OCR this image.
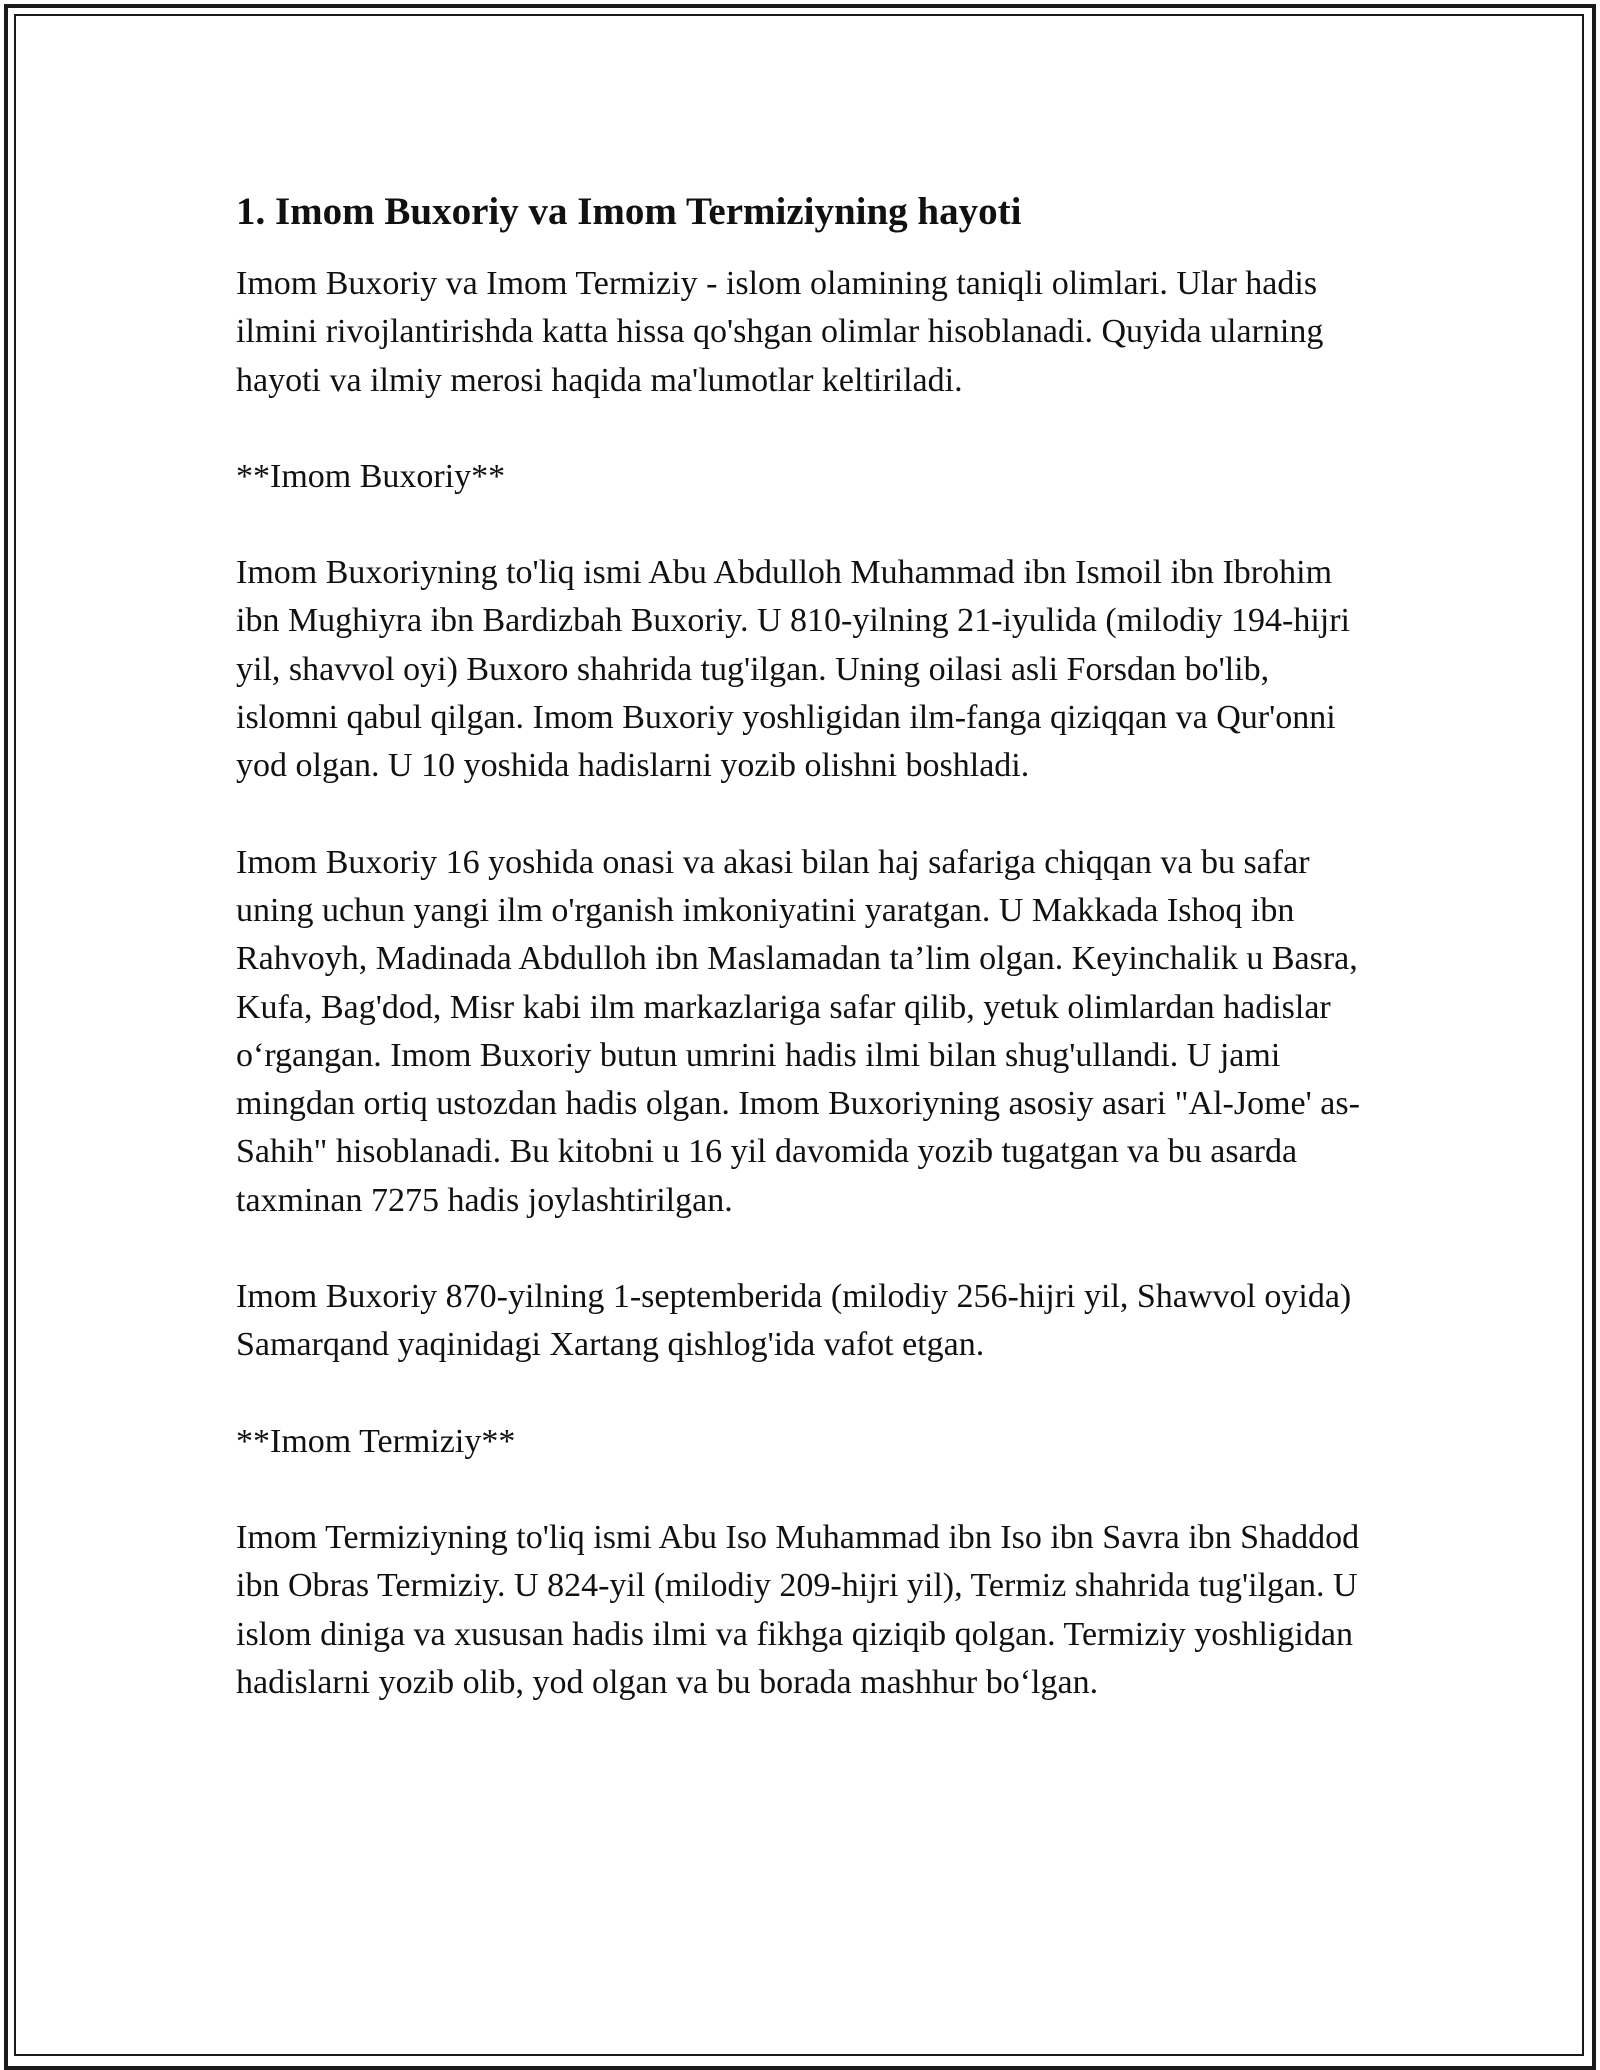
1. Imom Buxoriy va Imom Termiziyning hayoti

Imom Buxoriy va Imom Termiziy - islom olamining taniqli olimlari. Ular hadis ilmini rivojlantirishda katta hissa qo'shgan olimlar hisoblanadi. Quyida ularning hayoti va ilmiy merosi haqida ma'lumotlar keltiriladi.

**Imom Buxoriy**

Imom Buxoriyning to'liq ismi Abu Abdulloh Muhammad ibn Ismoil ibn Ibrohim ibn Mughiyra ibn Bardizbah Buxoriy. U 810-yilning 21-iyulida (milodiy 194-hijri yil, shavvol oyi) Buxoro shahrida tug'ilgan. Uning oilasi asli Forsdan bo'lib, islomni qabul qilgan. Imom Buxoriy yoshligidan ilm-fanga qiziqqan va Qur'onni yod olgan. U 10 yoshida hadislarni yozib olishni boshladi.

Imom Buxoriy 16 yoshida onasi va akasi bilan haj safariga chiqqan va bu safar uning uchun yangi ilm o'rganish imkoniyatini yaratgan. U Makkada Ishoq ibn Rahvoyh, Madinada Abdulloh ibn Maslamadan ta’lim olgan. Keyinchalik u Basra, Kufa, Bag'dod, Misr kabi ilm markazlariga safar qilib, yetuk olimlardan hadislar o‘rgangan. Imom Buxoriy butun umrini hadis ilmi bilan shug'ullandi. U jami mingdan ortiq ustozdan hadis olgan. Imom Buxoriyning asosiy asari "Al-Jome' as-Sahih" hisoblanadi. Bu kitobni u 16 yil davomida yozib tugatgan va bu asarda taxminan 7275 hadis joylashtirilgan.

Imom Buxoriy 870-yilning 1-septemberida (milodiy 256-hijri yil, Shawvol oyida) Samarqand yaqinidagi Xartang qishlog'ida vafot etgan.

**Imom Termiziy**

Imom Termiziyning to'liq ismi Abu Iso Muhammad ibn Iso ibn Savra ibn Shaddod ibn Obras Termiziy. U 824-yil (milodiy 209-hijri yil), Termiz shahrida tug'ilgan. U islom diniga va xususan hadis ilmi va fikhga qiziqib qolgan. Termiziy yoshligidan hadislarni yozib olib, yod olgan va bu borada mashhur bo‘lgan.
